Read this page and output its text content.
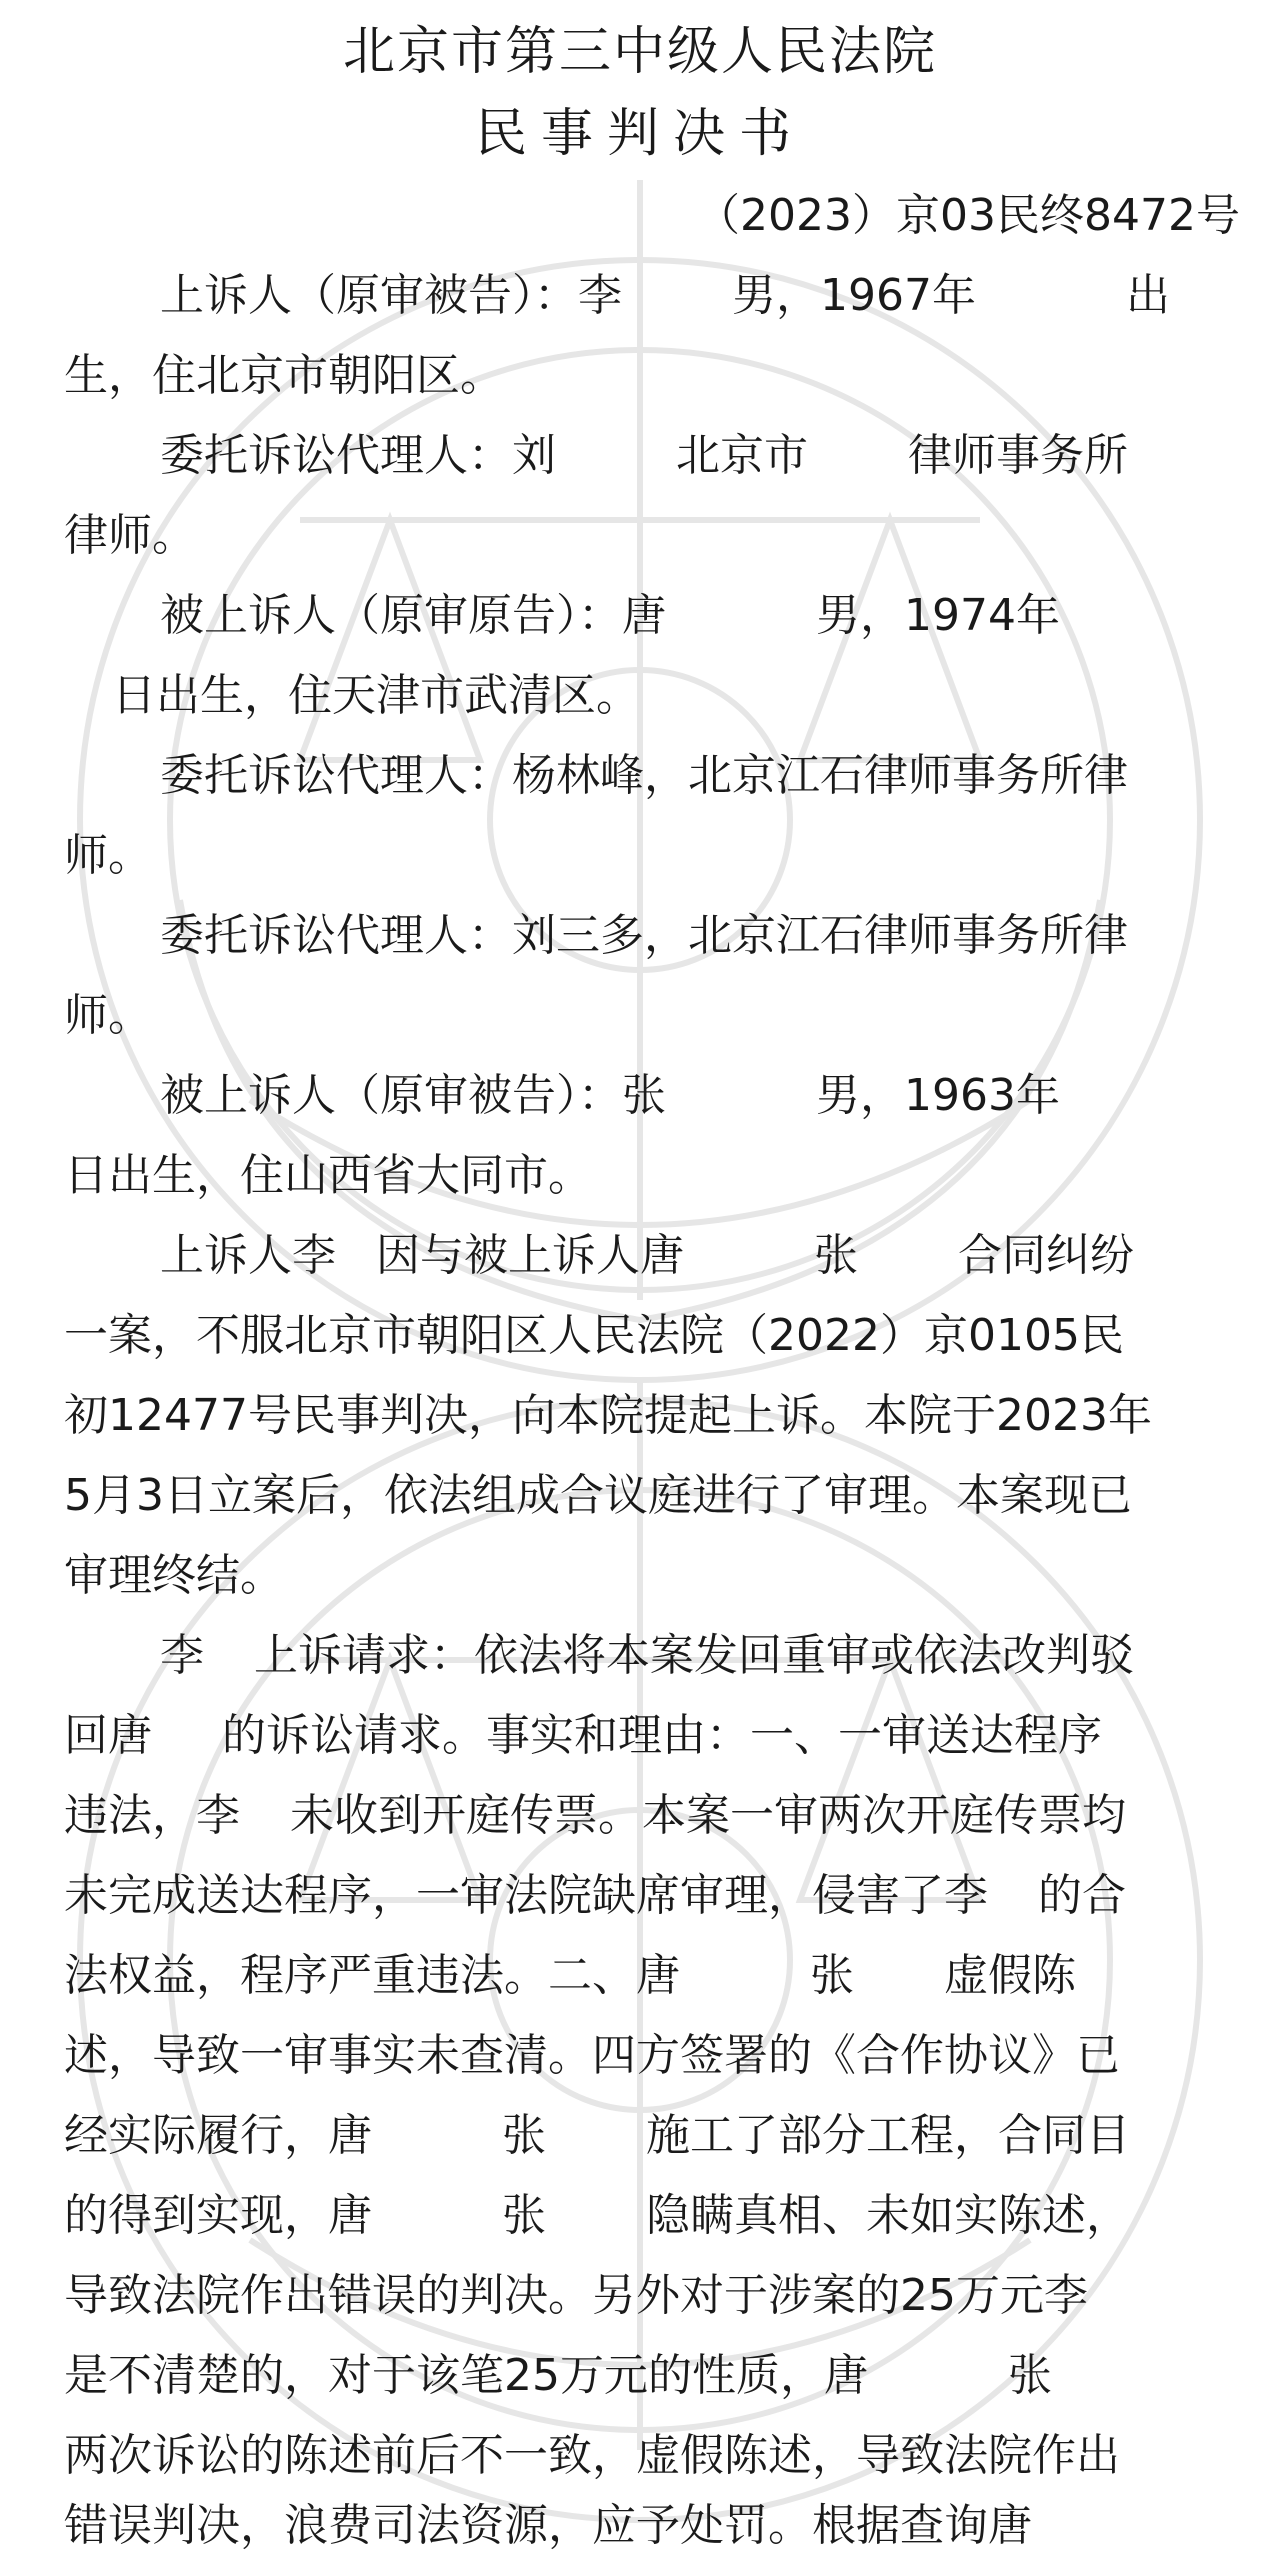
北京市第三中级人民法院
民事判决书
（2023）京03民终8472号
上诉人（原审被告）：李	男，1967年	出
生，住北京市朝阳区。
委托诉讼代理人：刘	北京市 律师事务所
律师。
被上诉人（原审原告）：唐	男，1974年
日出生，住天津市武清区。
委托诉讼代理人：杨林峰，北京江石律师事务所律
师。
委托诉讼代理人：刘三多，北京江石律师事务所律
师。
被上诉人（原审被告）：张	男，1963年
日出生，住山西省大同市。
上诉人李 因与被上诉人唐	张 合同纠纷
一案，不服北京市朝阳区人民法院（2022）京0105民
初12477号民事判决，向本院提起上诉。本院于2023年
5月3日立案后，依法组成合议庭进行了审理。本案现已
审理终结。
李 上诉请求：依法将本案发回重审或依法改判驳
回唐 的诉讼请求。事实和理由：一、一审送达程序
违法，李 未收到开庭传票。本案一审两次开庭传票均
未完成送达程序，一审法院缺席审理，侵害了李 的合
法权益，程序严重违法。二、唐	张 虚假陈
述，导致一审事实未查清。四方签署的《合作协议》已
经实际履行，唐	张 施工了部分工程，合同目
的得到实现，唐	张 隐瞒真相、未如实陈述，
导致法院作出错误的判决。另外对于涉案的25万元李
是不清楚的，对于该笔25万元的性质，唐	张
两次诉讼的陈述前后不一致，虚假陈述，导致法院作出
错误判决，浪费司法资源，应予处罚。根据查询唐
